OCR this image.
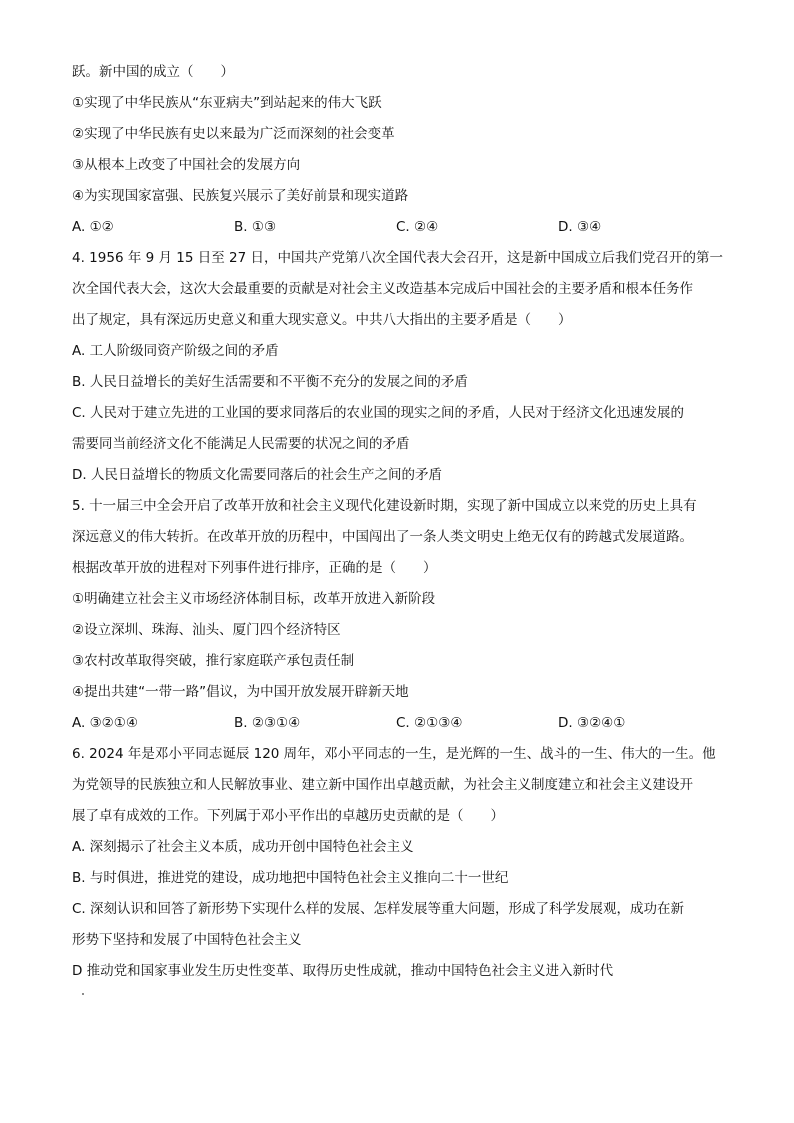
跃。新中国的成立（　　）
①实现了中华民族从“东亚病夫”到站起来的伟大飞跃
②实现了中华民族有史以来最为广泛而深刻的社会变革
③从根本上改变了中国社会的发展方向
④为实现国家富强、民族复兴展示了美好前景和现实道路
A. ①②	B. ①③	C. ②④	D. ③④
4. 1956 年 9 月 15 日至 27 日，中国共产党第八次全国代表大会召开，这是新中国成立后我们党召开的第一
次全国代表大会，这次大会最重要的贡献是对社会主义改造基本完成后中国社会的主要矛盾和根本任务作
出了规定，具有深远历史意义和重大现实意义。中共八大指出的主要矛盾是（　　）
A. 工人阶级同资产阶级之间的矛盾
B. 人民日益增长的美好生活需要和不平衡不充分的发展之间的矛盾
C. 人民对于建立先进的工业国的要求同落后的农业国的现实之间的矛盾，人民对于经济文化迅速发展的
需要同当前经济文化不能满足人民需要的状况之间的矛盾
D. 人民日益增长的物质文化需要同落后的社会生产之间的矛盾
5. 十一届三中全会开启了改革开放和社会主义现代化建设新时期，实现了新中国成立以来党的历史上具有
深远意义的伟大转折。在改革开放的历程中，中国闯出了一条人类文明史上绝无仅有的跨越式发展道路。
根据改革开放的进程对下列事件进行排序，正确的是（　　）
①明确建立社会主义市场经济体制目标，改革开放进入新阶段
②设立深圳、珠海、汕头、厦门四个经济特区
③农村改革取得突破，推行家庭联产承包责任制
④提出共建“一带一路”倡议，为中国开放发展开辟新天地
A. ③②①④	B. ②③①④	C. ②①③④	D. ③②④①
6. 2024 年是邓小平同志诞辰 120 周年，邓小平同志的一生，是光辉的一生、战斗的一生、伟大的一生。他
为党领导的民族独立和人民解放事业、建立新中国作出卓越贡献，为社会主义制度建立和社会主义建设开
展了卓有成效的工作。下列属于邓小平作出的卓越历史贡献的是（　　）
A. 深刻揭示了社会主义本质，成功开创中国特色社会主义
B. 与时俱进，推进党的建设，成功地把中国特色社会主义推向二十一世纪
C. 深刻认识和回答了新形势下实现什么样的发展、怎样发展等重大问题，形成了科学发展观，成功在新
形势下坚持和发展了中国特色社会主义
D 推动党和国家事业发生历史性变革、取得历史性成就，推动中国特色社会主义进入新时代
